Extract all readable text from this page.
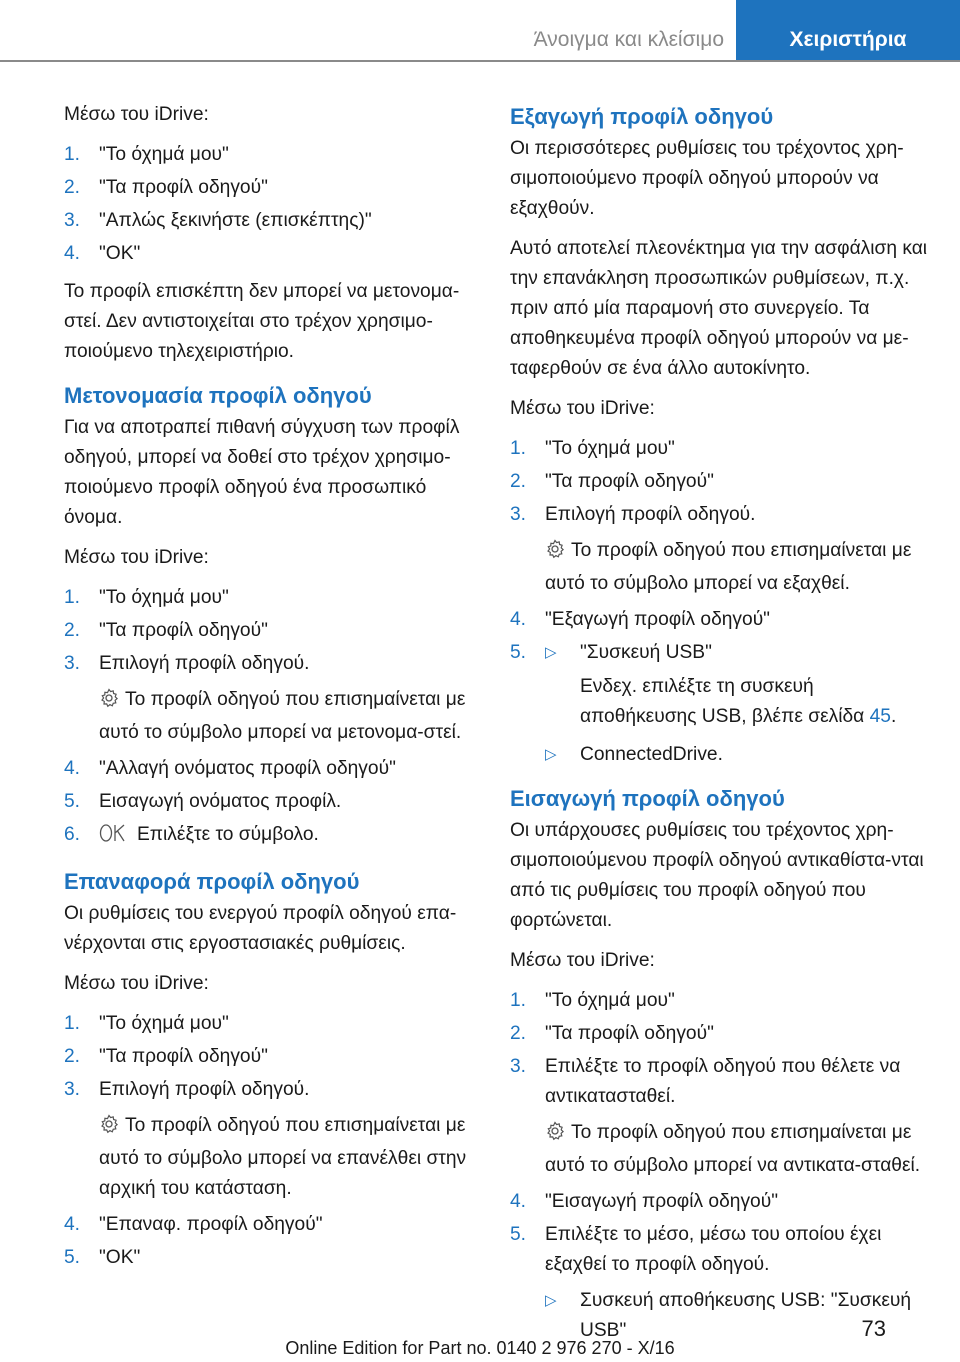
Άνοιγμα και κλείσιμο	Χειριστήρια
Μέσω του iDrive:
1. "Το όχημά μου"
2. "Τα προφίλ οδηγού"
3. "Απλώς ξεκινήστε (επισκέπτης)"
4. "OK"
Το προφίλ επισκέπτη δεν μπορεί να μετονομα-στεί. Δεν αντιστοιχείται στο τρέχον χρησιμο-ποιούμενο τηλεχειριστήριο.
Μετονομασία προφίλ οδηγού
Για να αποτραπεί πιθανή σύγχυση των προφίλ οδηγού, μπορεί να δοθεί στο τρέχον χρησιμο-ποιούμενο προφίλ οδηγού ένα προσωπικό όνομα.
Μέσω του iDrive:
1. "Το όχημά μου"
2. "Τα προφίλ οδηγού"
3. Επιλογή προφίλ οδηγού.
Το προφίλ οδηγού που επισημαίνεται με αυτό το σύμβολο μπορεί να μετονομα-στεί.
4. "Αλλαγή ονόματος προφίλ οδηγού"
5. Εισαγωγή ονόματος προφίλ.
6.	Επιλέξτε το σύμβολο.
Επαναφορά προφίλ οδηγού
Οι ρυθμίσεις του ενεργού προφίλ οδηγού επα-νέρχονται στις εργοστασιακές ρυθμίσεις.
Μέσω του iDrive:
1. "Το όχημά μου"
2. "Τα προφίλ οδηγού"
3. Επιλογή προφίλ οδηγού.
Το προφίλ οδηγού που επισημαίνεται με αυτό το σύμβολο μπορεί να επανέλθει στην αρχική του κατάσταση.
4. "Επαναφ. προφίλ οδηγού"
5. "OK"
Εξαγωγή προφίλ οδηγού
Οι περισσότερες ρυθμίσεις του τρέχοντος χρη-σιμοποιούμενο προφίλ οδηγού μπορούν να εξαχθούν.
Αυτό αποτελεί πλεονέκτημα για την ασφάλιση και την επανάκληση προσωπικών ρυθμίσεων, π.χ. πριν από μία παραμονή στο συνεργείο. Τα αποθηκευμένα προφίλ οδηγού μπορούν να με-ταφερθούν σε ένα άλλο αυτοκίνητο.
Μέσω του iDrive:
1. "Το όχημά μου"
2. "Τα προφίλ οδηγού"
3. Επιλογή προφίλ οδηγού.
Το προφίλ οδηγού που επισημαίνεται με αυτό το σύμβολο μπορεί να εξαχθεί.
4. "Εξαγωγή προφίλ οδηγού"
5. ▷ "Συσκευή USB"
Ενδεχ. επιλέξτε τη συσκευή αποθήκευσης USB, βλέπε σελίδα 45.
▷ ConnectedDrive.
Εισαγωγή προφίλ οδηγού
Οι υπάρχουσες ρυθμίσεις του τρέχοντος χρη-σιμοποιούμενου προφίλ οδηγού αντικαθίστα-νται από τις ρυθμίσεις του προφίλ οδηγού που φορτώνεται.
Μέσω του iDrive:
1. "Το όχημά μου"
2. "Τα προφίλ οδηγού"
3. Επιλέξτε το προφίλ οδηγού που θέλετε να αντικατασταθεί.
Το προφίλ οδηγού που επισημαίνεται με αυτό το σύμβολο μπορεί να αντικατα-σταθεί.
4. "Εισαγωγή προφίλ οδηγού"
5. Επιλέξτε το μέσο, μέσω του οποίου έχει εξαχθεί το προφίλ οδηγού.
▷ Συσκευή αποθήκευσης USB: "Συσκευή USB"	73
Online Edition for Part no. 0140 2 976 270 - X/16
